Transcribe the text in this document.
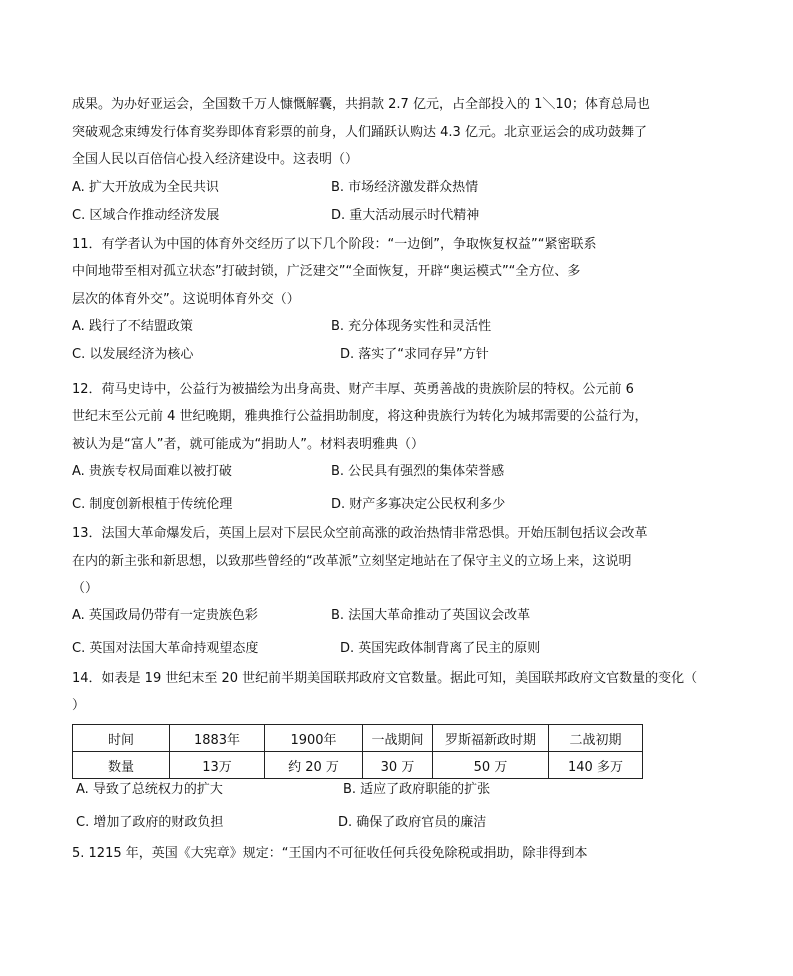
成果。为办好亚运会，全国数千万人慷慨解囊，共捐款 2.7 亿元，占全部投入的 1＼10；体育总局也
突破观念束缚发行体育奖券即体育彩票的前身，人们踊跃认购达 4.3 亿元。北京亚运会的成功鼓舞了
全国人民以百倍信心投入经济建设中。这表明（）
A. 扩大开放成为全民共识	B. 市场经济激发群众热情
C. 区域合作推动经济发展	D. 重大活动展示时代精神
11．有学者认为中国的体育外交经历了以下几个阶段：“一边倒”，争取恢复权益”“紧密联系
中间地带至相对孤立状态”打破封锁，广泛建交”“全面恢复，开辟“奥运模式”“全方位、多
层次的体育外交”。这说明体育外交（）
A. 践行了不结盟政策	B. 充分体现务实性和灵活性
C. 以发展经济为核心	D. 落实了“求同存异”方针
12．荷马史诗中，公益行为被描绘为出身高贵、财产丰厚、英勇善战的贵族阶层的特权。公元前 6
世纪末至公元前 4 世纪晚期，雅典推行公益捐助制度，将这种贵族行为转化为城邦需要的公益行为，
被认为是“富人”者，就可能成为“捐助人”。材料表明雅典（）
A. 贵族专权局面难以被打破	B. 公民具有强烈的集体荣誉感
C. 制度创新根植于传统伦理	D. 财产多寡决定公民权利多少
13．法国大革命爆发后，英国上层对下层民众空前高涨的政治热情非常恐惧。开始压制包括议会改革
在内的新主张和新思想，以致那些曾经的“改革派”立刻坚定地站在了保守主义的立场上来，这说明
（）
A. 英国政局仍带有一定贵族色彩	B. 法国大革命推动了英国议会改革
C. 英国对法国大革命持观望态度	D. 英国宪政体制背离了民主的原则
14．如表是 19 世纪末至 20 世纪前半期美国联邦政府文官数量。据此可知，美国联邦政府文官数量的变化（
）
时间	1883年	1900年	一战期间	罗斯福新政时期	二战初期
数量	13万	约 20 万	30 万	50 万	140 多万
A. 导致了总统权力的扩大	B. 适应了政府职能的扩张
C. 增加了政府的财政负担	D. 确保了政府官员的廉洁
5. 1215 年，英国《大宪章》规定：“王国内不可征收任何兵役免除税或捐助，除非得到本
